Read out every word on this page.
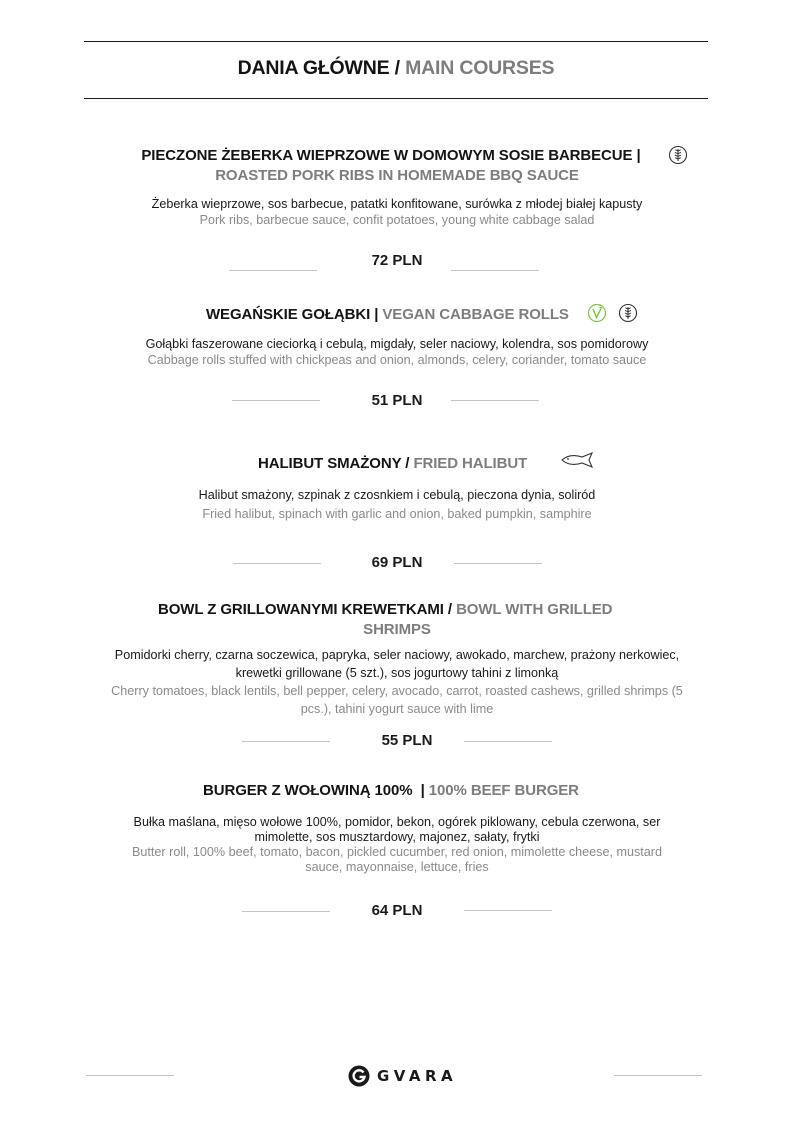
DANIA GŁÓWNE / MAIN COURSES
PIECZONE ŻEBERKA WIEPRZOWE W DOMOWYM SOSIE BARBECUE |
ROASTED PORK RIBS IN HOMEMADE BBQ SAUCE
Żeberka wieprzowe, sos barbecue, patatki konfitowane, surówka z młodej białej kapusty
Pork ribs, barbecue sauce, confit potatoes, young white cabbage salad
72 PLN
WEGAŃSKIE GOŁĄBKI | VEGAN CABBAGE ROLLS
Gołąbki faszerowane cieciorką i cebulą, migdały, seler naciowy, kolendra, sos pomidorowy
Cabbage rolls stuffed with chickpeas and onion, almonds, celery, coriander, tomato sauce
51 PLN
HALIBUT SMAŻONY / FRIED HALIBUT
Halibut smażony, szpinak z czosnkiem i cebulą, pieczona dynia, soliród
Fried halibut, spinach with garlic and onion, baked pumpkin, samphire
69 PLN
BOWL Z GRILLOWANYMI KREWETKAMI / BOWL WITH GRILLED
SHRIMPS
Pomidorki cherry, czarna soczewica, papryka, seler naciowy, awokado, marchew, prażony nerkowiec,
krewetki grillowane (5 szt.), sos jogurtowy tahini z limonką
Cherry tomatoes, black lentils, bell pepper, celery, avocado, carrot, roasted cashews, grilled shrimps (5
pcs.), tahini yogurt sauce with lime
55 PLN
BURGER Z WOŁOWINĄ 100%  | 100% BEEF BURGER
Bułka maślana, mięso wołowe 100%, pomidor, bekon, ogórek piklowany, cebula czerwona, ser
mimolette, sos musztardowy, majonez, sałaty, frytki
Butter roll, 100% beef, tomato, bacon, pickled cucumber, red onion, mimolette cheese, mustard
sauce, mayonnaise, lettuce, fries
64 PLN
GVARA
